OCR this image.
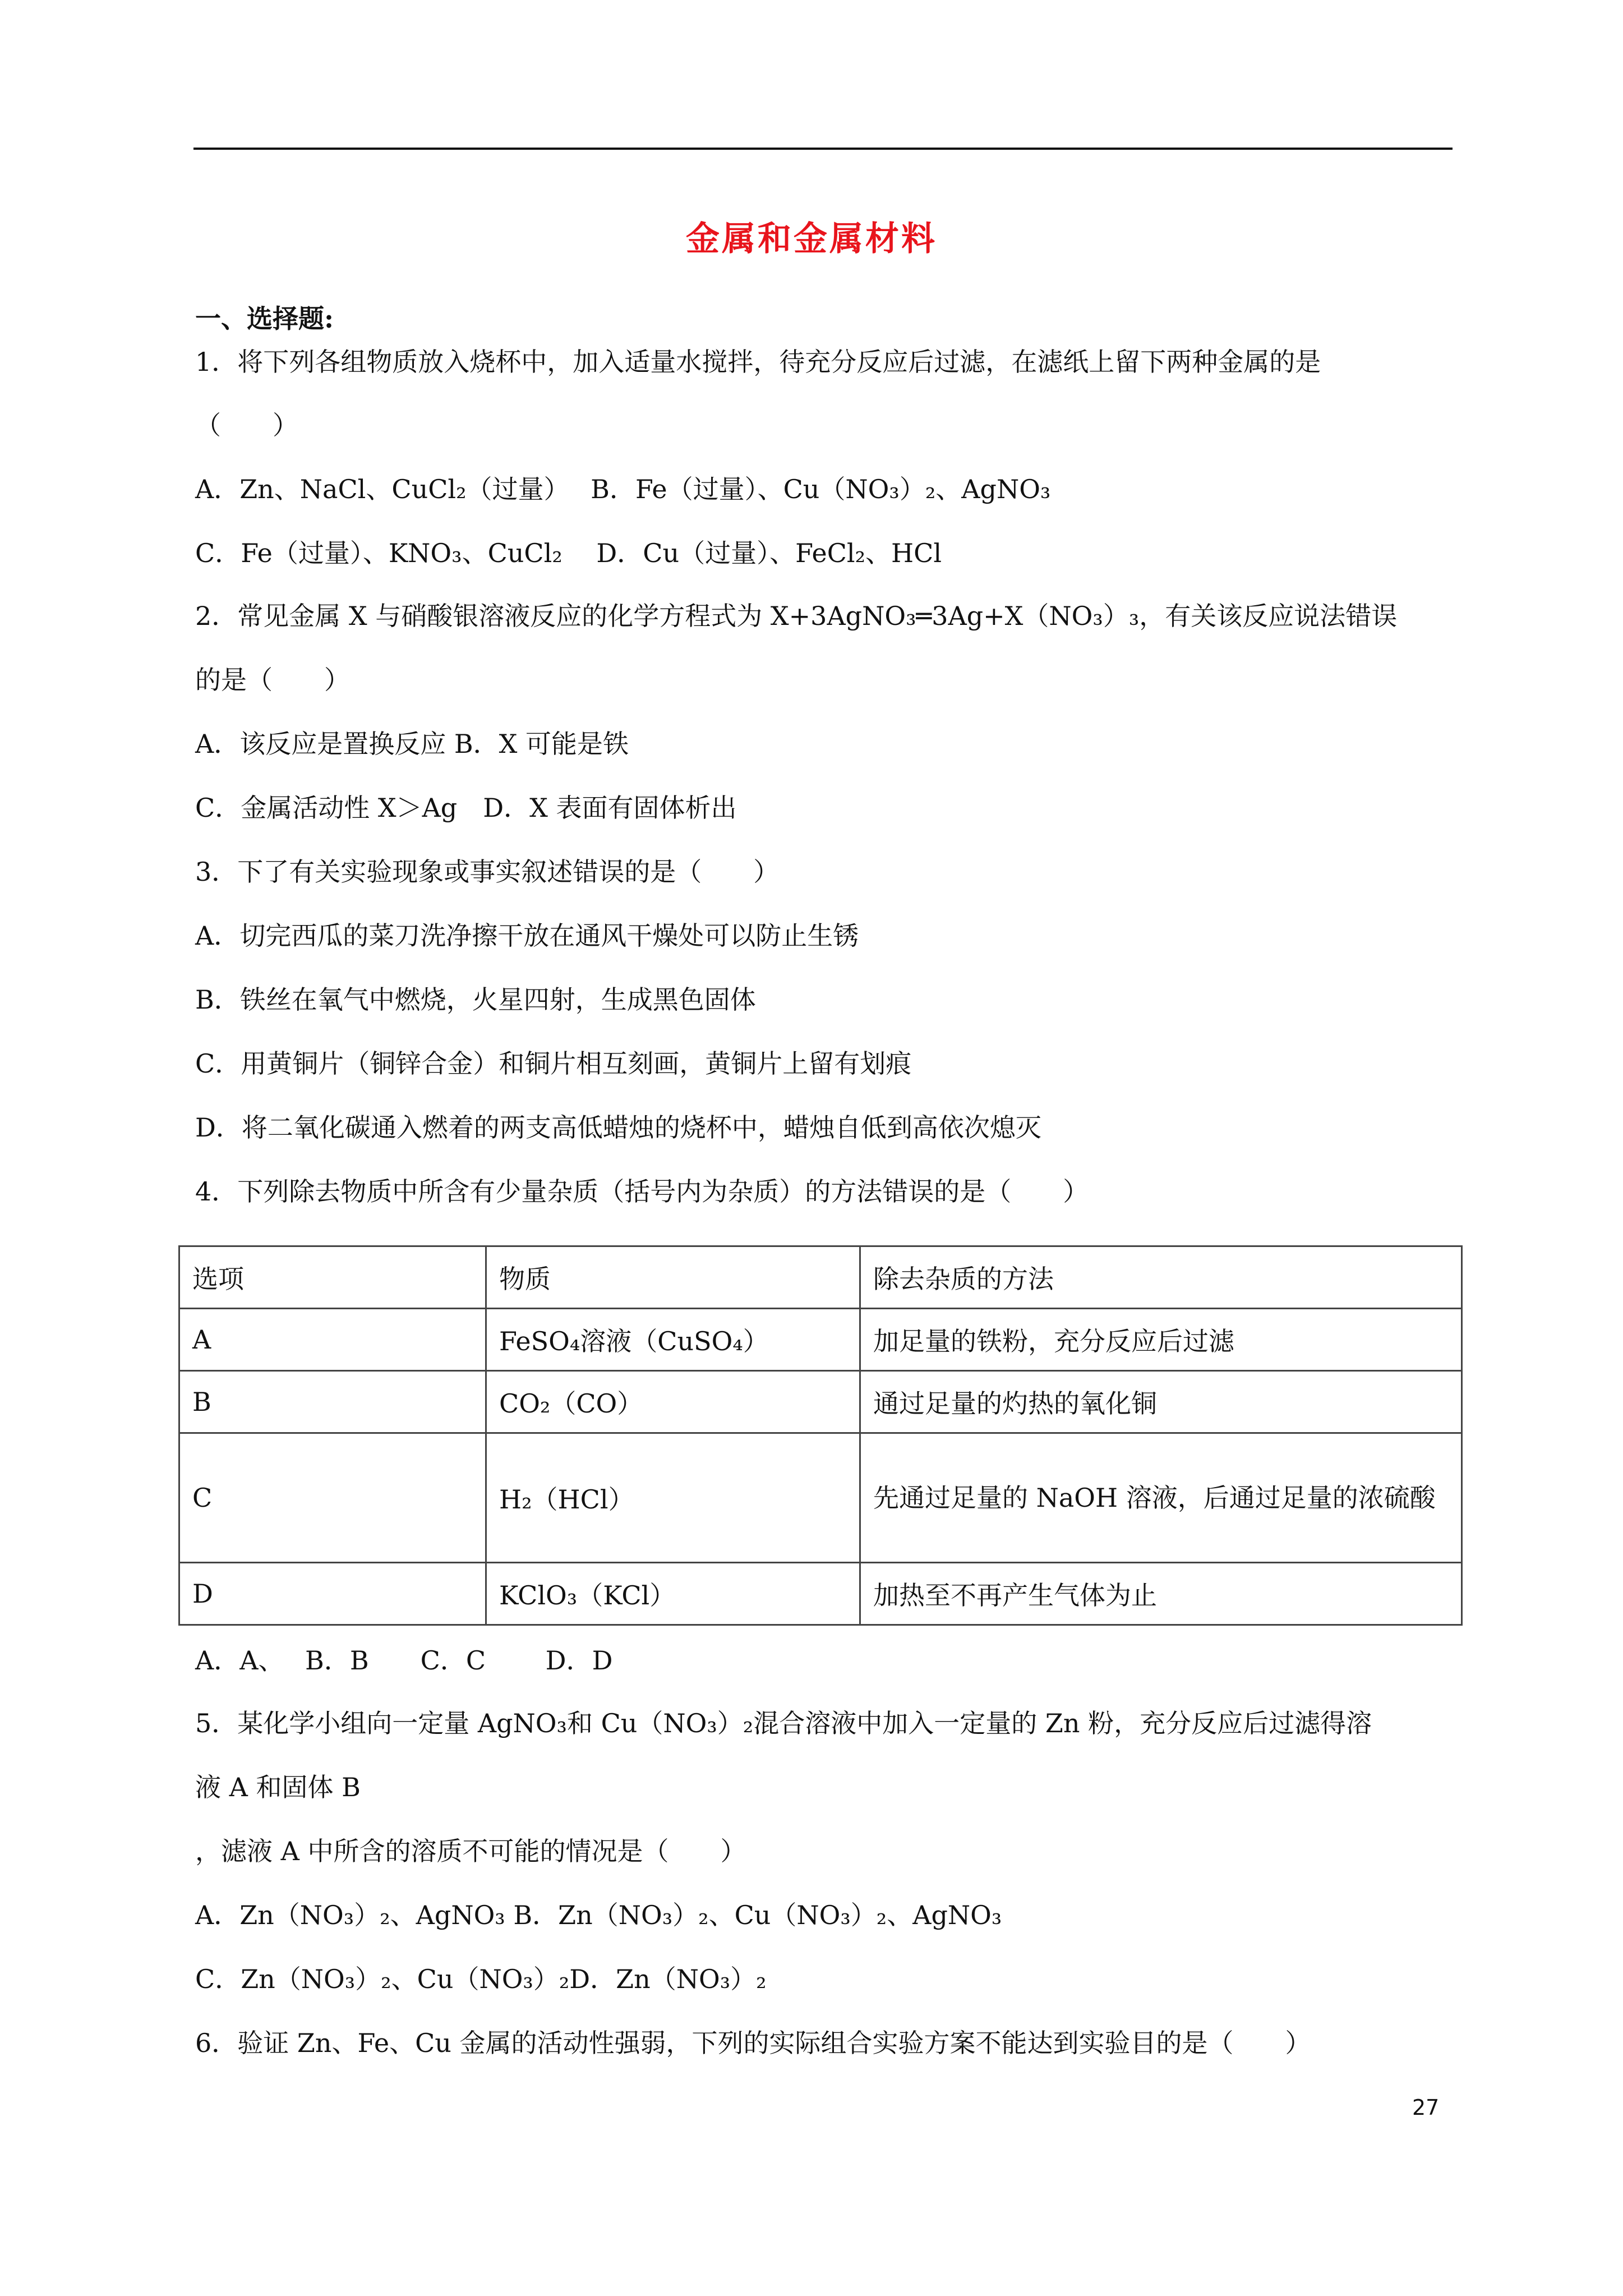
金属和金属材料
一、选择题:
1．将下列各组物质放入烧杯中，加入适量水搅拌，待充分反应后过滤，在滤纸上留下两种金属的是
（　　）
A．Zn、NaCl、CuCl₂（过量）　 B．Fe（过量）、Cu（NO₃）₂、AgNO₃
C．Fe（过量）、KNO₃、CuCl₂　 D．Cu（过量）、FeCl₂、HCl
2．常见金属 X 与硝酸银溶液反应的化学方程式为 X+3AgNO₃═3Ag+X（NO₃）₃，有关该反应说法错误
的是（　　）
A．该反应是置换反应 B．X 可能是铁
C．金属活动性 X＞Ag　D．X 表面有固体析出
3．下了有关实验现象或事实叙述错误的是（　　）
A．切完西瓜的菜刀洗净擦干放在通风干燥处可以防止生锈
B．铁丝在氧气中燃烧，火星四射，生成黑色固体
C．用黄铜片（铜锌合金）和铜片相互刻画，黄铜片上留有划痕
D．将二氧化碳通入燃着的两支高低蜡烛的烧杯中，蜡烛自低到高依次熄灭
4．下列除去物质中所含有少量杂质（括号内为杂质）的方法错误的是（　　）
选项	物质	除去杂质的方法
A	FeSO₄溶液（CuSO₄）	加足量的铁粉，充分反应后过滤
B	CO₂（CO）	通过足量的灼热的氧化铜
C	H₂（HCl）	先通过足量的 NaOH 溶液，后通过足量的浓硫酸
D	KClO₃（KCl）	加热至不再产生气体为止
A．A、　 B．B　　C．C　　 D．D
5．某化学小组向一定量 AgNO₃和 Cu（NO₃）₂混合溶液中加入一定量的 Zn 粉，充分反应后过滤得溶
液 A 和固体 B
，滤液 A 中所含的溶质不可能的情况是（　　）
A．Zn（NO₃）₂、AgNO₃ B．Zn（NO₃）₂、Cu（NO₃）₂、AgNO₃
C．Zn（NO₃）₂、Cu（NO₃）₂D．Zn（NO₃）₂
6．验证 Zn、Fe、Cu 金属的活动性强弱，下列的实际组合实验方案不能达到实验目的是（　　）
27
